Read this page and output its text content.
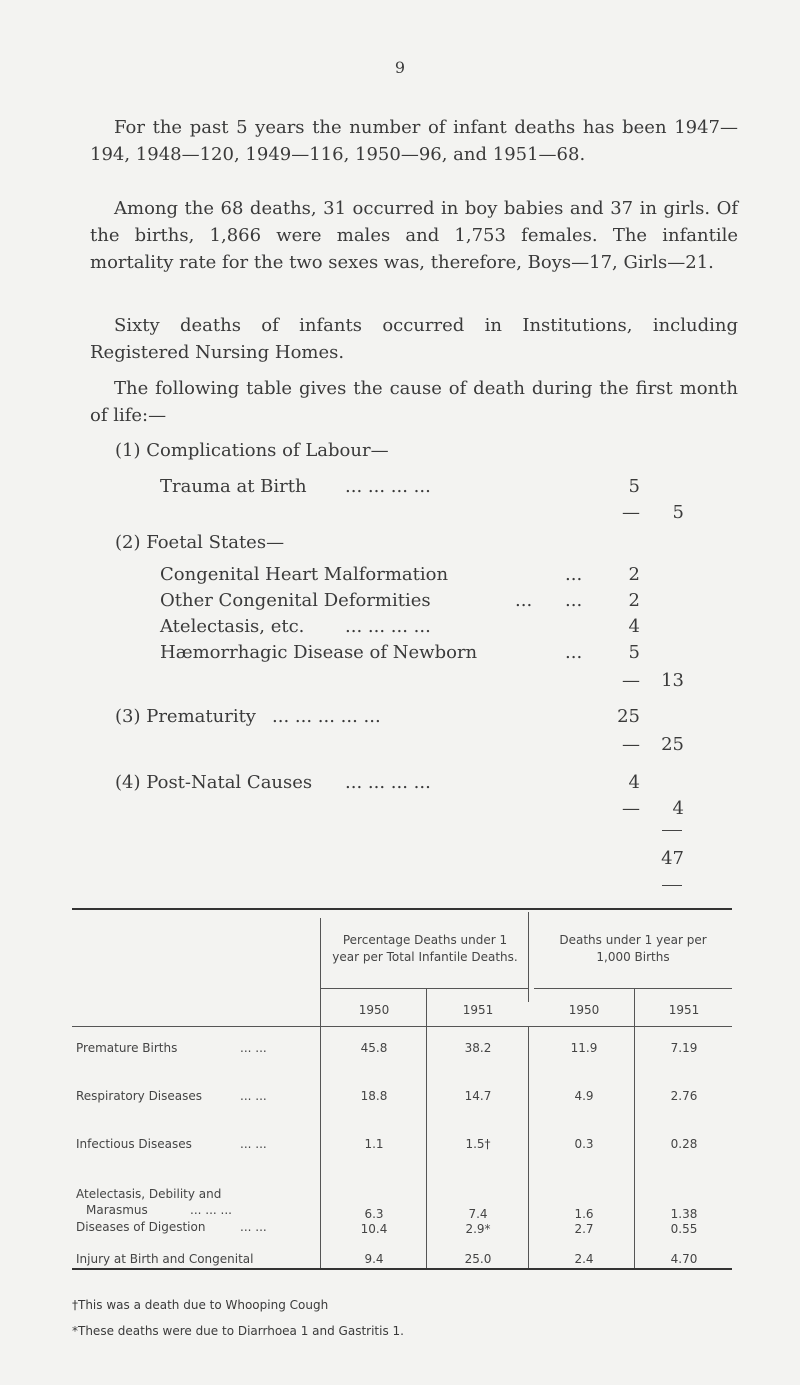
9
For the past 5 years the number of infant deaths has been 1947—194, 1948—120, 1949—116, 1950—96, and 1951—68.
Among the 68 deaths, 31 occurred in boy babies and 37 in girls. Of the births, 1,866 were males and 1,753 females. The infantile mortality rate for the two sexes was, therefore, Boys—17, Girls—21.
Sixty deaths of infants occurred in Institutions, including Registered Nursing Homes.
The following table gives the cause of death during the first month of life:—
(1) Complications of Labour—
Trauma at Birth ... ... ... ...	5
—	5
(2) Foetal States—
Congenital Heart Malformation	...	2
Other Congenital Deformities	... ...	2
Atelectasis, etc. ... ... ... ...	4
Hæmorrhagic Disease of Newborn	...	5
—	13
(3) Prematurity ... ... ... ... ...	25
—	25
(4) Post-Natal Causes ... ... ... ...	4
—	4
47
Percentage Deaths under 1 year per Total Infantile Deaths.
Deaths under 1 year per 1,000 Births
1950	1951	1950	1951
Premature Births	... ...	45.8	38.2	11.9	7.19
Respiratory Diseases	... ...	18.8	14.7	4.9	2.76
Infectious Diseases	... ...	1.1	1.5†	0.3	0.28
Atelectasis, Debility and
Marasmus	... ... ...	6.3	7.4	1.6	1.38
Diseases of Digestion	... ...	10.4	2.9*	2.7	0.55
Injury at Birth and Congenital	9.4	25.0	2.4	4.70
†This was a death due to Whooping Cough
*These deaths were due to Diarrhoea 1 and Gastritis 1.
